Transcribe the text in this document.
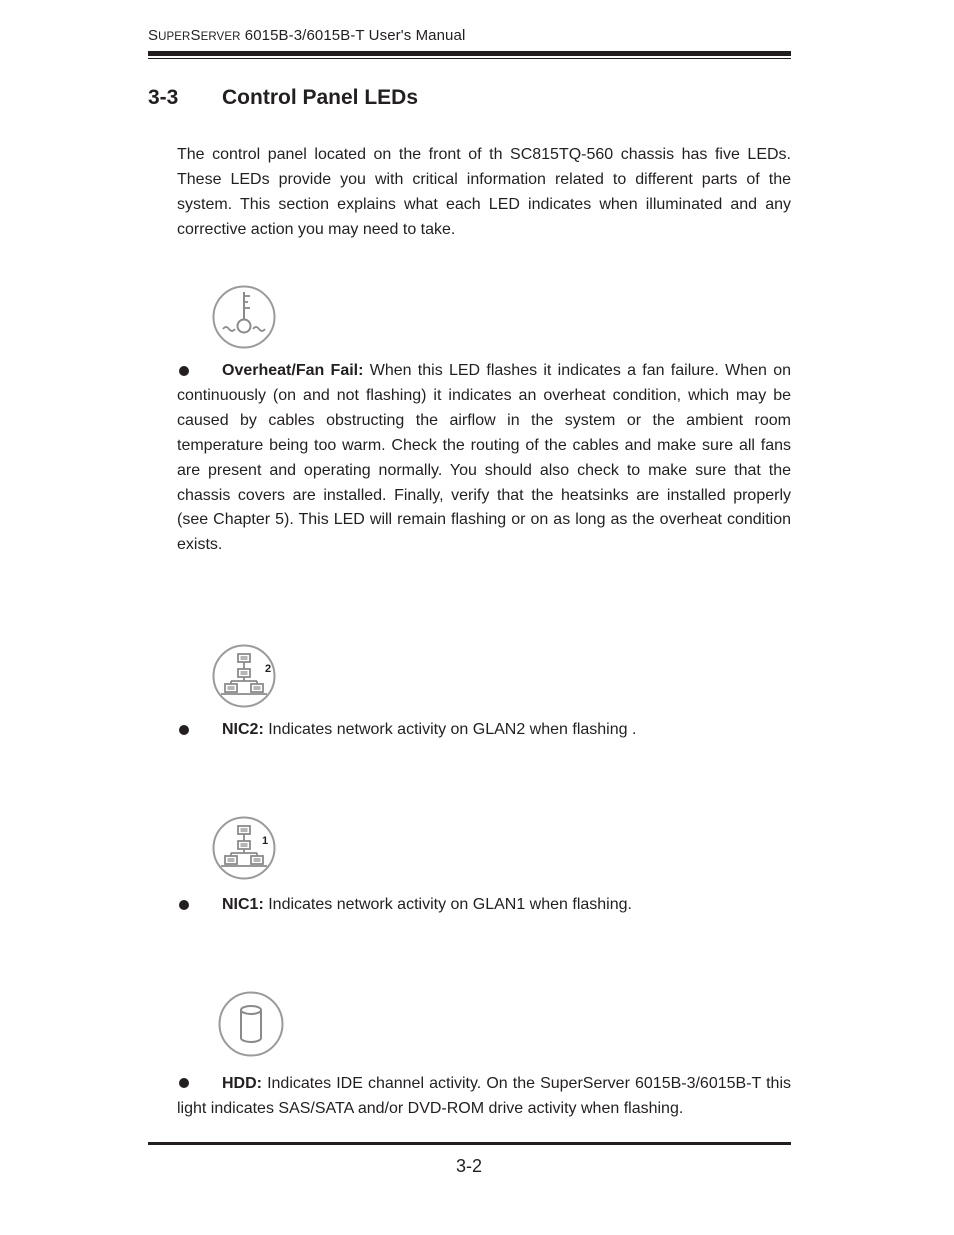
SUPERSERVER 6015B-3/6015B-T User's Manual
3-3 Control Panel LEDs
The control panel located on the front of th SC815TQ-560 chassis has five LEDs. These LEDs provide you with critical information related to different parts of the system. This section explains what each LED indicates when illuminated and any corrective action you may need to take.
Overheat/Fan Fail: When this LED flashes it indicates a fan failure. When on continuously (on and not flashing) it indicates an overheat condition, which may be caused by cables obstructing the airflow in the system or the ambient room temperature being too warm. Check the routing of the cables and make sure all fans are present and operating normally. You should also check to make sure that the chassis covers are installed. Finally, verify that the heatsinks are installed properly (see Chapter 5). This LED will remain flashing or on as long as the overheat condition exists.
2
NIC2: Indicates network activity on GLAN2 when flashing .
1
NIC1: Indicates network activity on GLAN1 when flashing.
HDD: Indicates IDE channel activity. On the SuperServer 6015B-3/6015B-T this light indicates SAS/SATA and/or DVD-ROM drive activity when flashing.
3-2
